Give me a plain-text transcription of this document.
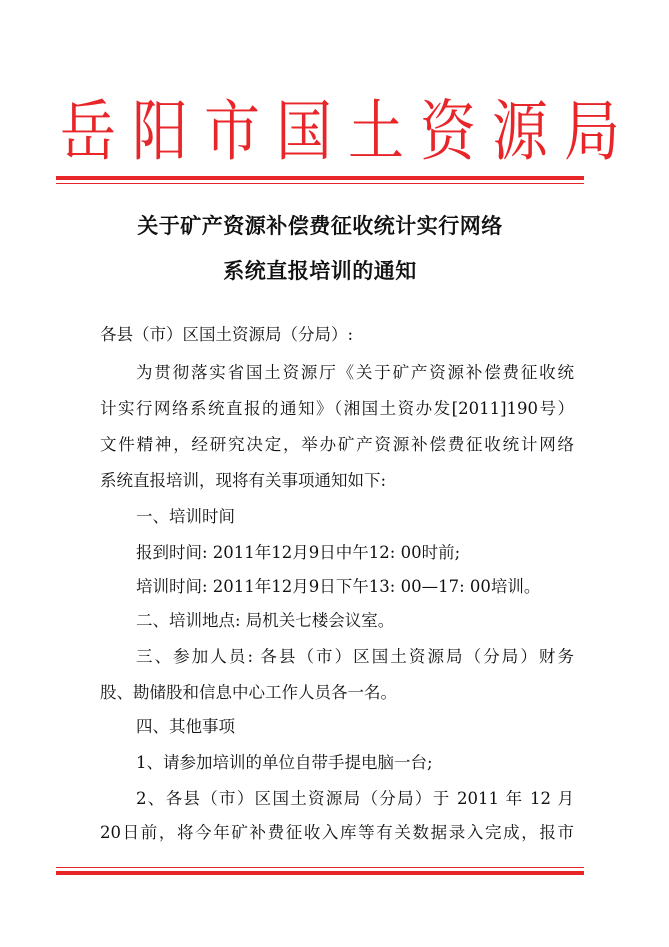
岳 阳 市 国 土 资 源 局
关于矿产资源补偿费征收统计实行网络
系统直报培训的通知
各县（市）区国土资源局（分局）:
为贯彻落实省国土资源厅《关于矿产资源补偿费征收统
计实行网络系统直报的通知》（湘国土资办发[2011]190号）
文件精神，经研究决定，举办矿产资源补偿费征收统计网络
系统直报培训，现将有关事项通知如下:
一、培训时间
报到时间: 2011年12月9日中午12: 00时前;
培训时间: 2011年12月9日下午13: 00—17: 00培训。
二、培训地点: 局机关七楼会议室。
三、参加人员: 各县（市）区国土资源局（分局）财务
股、勘储股和信息中心工作人员各一名。
四、其他事项
1、请参加培训的单位自带手提电脑一台;
2、各县（市）区国土资源局（分局）于 2011 年 12 月
20日前，将今年矿补费征收入库等有关数据录入完成，报市
